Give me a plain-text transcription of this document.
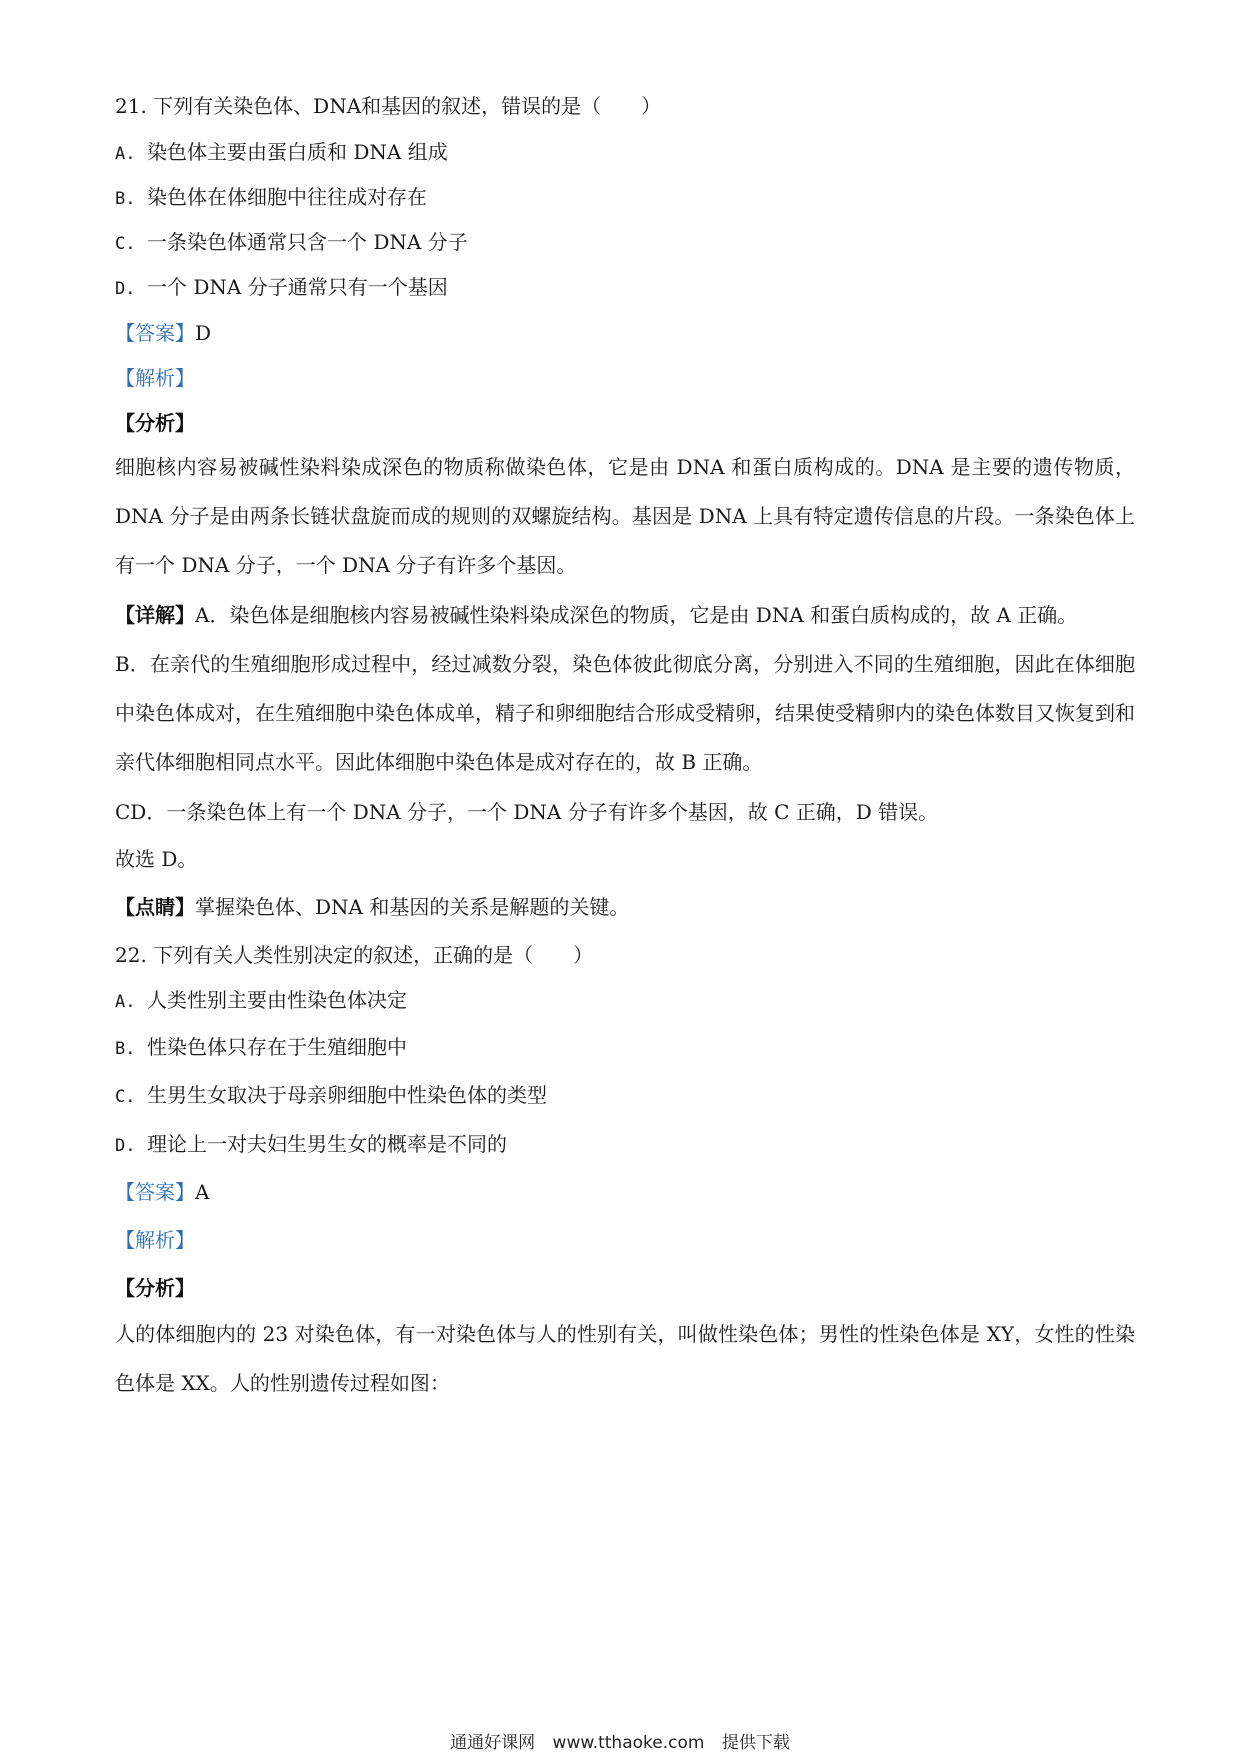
21. 下列有关染色体、DNA和基因的叙述，错误的是（　　）
A. 染色体主要由蛋白质和 DNA 组成
B. 染色体在体细胞中往往成对存在
C. 一条染色体通常只含一个 DNA 分子
D. 一个 DNA 分子通常只有一个基因
【答案】D
【解析】
【分析】
细胞核内容易被碱性染料染成深色的物质称做染色体，它是由 DNA 和蛋白质构成的。DNA 是主要的遗传物质，DNA 分子是由两条长链状盘旋而成的规则的双螺旋结构。基因是 DNA 上具有特定遗传信息的片段。一条染色体上有一个 DNA 分子，一个 DNA 分子有许多个基因。
【详解】A．染色体是细胞核内容易被碱性染料染成深色的物质，它是由 DNA 和蛋白质构成的，故 A 正确。
B．在亲代的生殖细胞形成过程中，经过减数分裂，染色体彼此彻底分离，分别进入不同的生殖细胞，因此在体细胞中染色体成对，在生殖细胞中染色体成单，精子和卵细胞结合形成受精卵，结果使受精卵内的染色体数目又恢复到和亲代体细胞相同点水平。因此体细胞中染色体是成对存在的，故 B 正确。
CD．一条染色体上有一个 DNA 分子，一个 DNA 分子有许多个基因，故 C 正确，D 错误。
故选 D。
【点睛】掌握染色体、DNA 和基因的关系是解题的关键。
22. 下列有关人类性别决定的叙述，正确的是（　　）
A. 人类性别主要由性染色体决定
B. 性染色体只存在于生殖细胞中
C. 生男生女取决于母亲卵细胞中性染色体的类型
D. 理论上一对夫妇生男生女的概率是不同的
【答案】A
【解析】
【分析】
人的体细胞内的 23 对染色体，有一对染色体与人的性别有关，叫做性染色体；男性的性染色体是 XY，女性的性染色体是 XX。人的性别遗传过程如图：
通通好课网 www.tthaoke.com 提供下载
